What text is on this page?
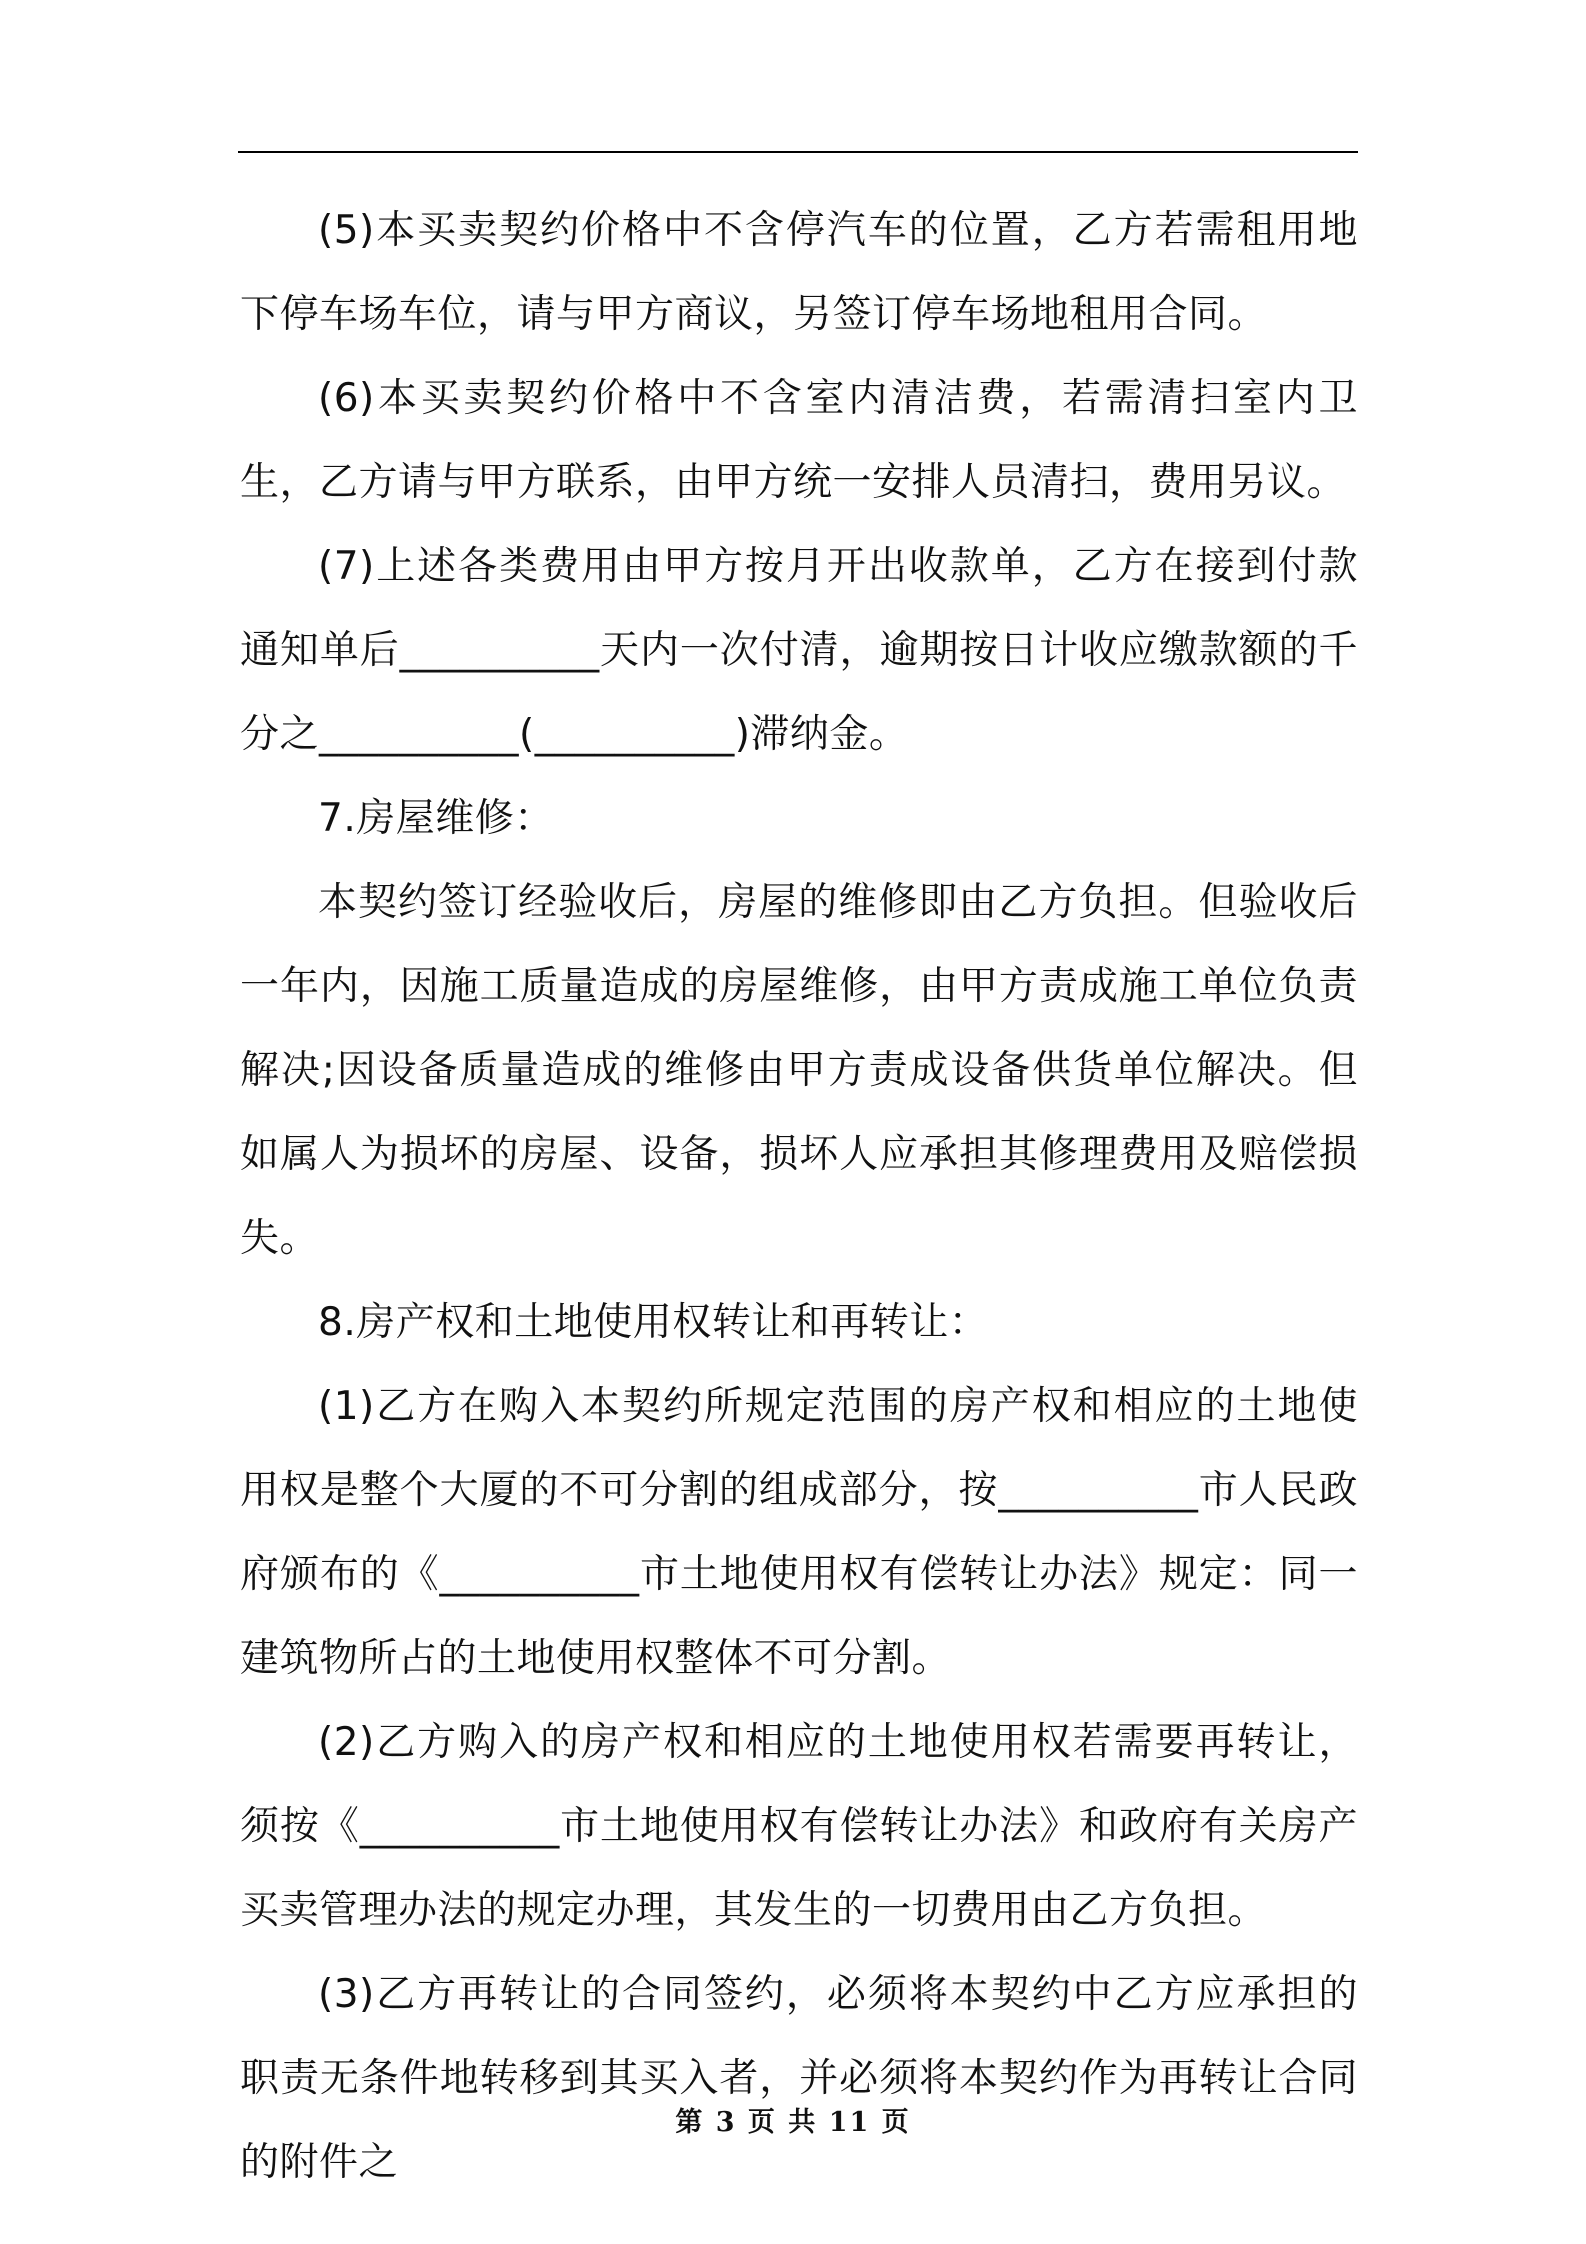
(5)本买卖契约价格中不含停汽车的位置，乙方若需租用地下停车场车位，请与甲方商议，另签订停车场地租用合同。

(6)本买卖契约价格中不含室内清洁费，若需清扫室内卫生，乙方请与甲方联系，由甲方统一安排人员清扫，费用另议。

(7)上述各类费用由甲方按月开出收款单，乙方在接到付款通知单后__________天内一次付清，逾期按日计收应缴款额的千分之__________(__________)滞纳金。

7.房屋维修：

本契约签订经验收后，房屋的维修即由乙方负担。但验收后一年内，因施工质量造成的房屋维修，由甲方责成施工单位负责解决;因设备质量造成的维修由甲方责成设备供货单位解决。但如属人为损坏的房屋、设备，损坏人应承担其修理费用及赔偿损失。

8.房产权和土地使用权转让和再转让：

(1)乙方在购入本契约所规定范围的房产权和相应的土地使用权是整个大厦的不可分割的组成部分，按__________市人民政府颁布的《__________市土地使用权有偿转让办法》规定：同一建筑物所占的土地使用权整体不可分割。

(2)乙方购入的房产权和相应的土地使用权若需要再转让，须按《__________市土地使用权有偿转让办法》和政府有关房产买卖管理办法的规定办理，其发生的一切费用由乙方负担。

(3)乙方再转让的合同签约，必须将本契约中乙方应承担的职责无条件地转移到其买入者，并必须将本契约作为再转让合同的附件之

第 3 页 共 11 页
